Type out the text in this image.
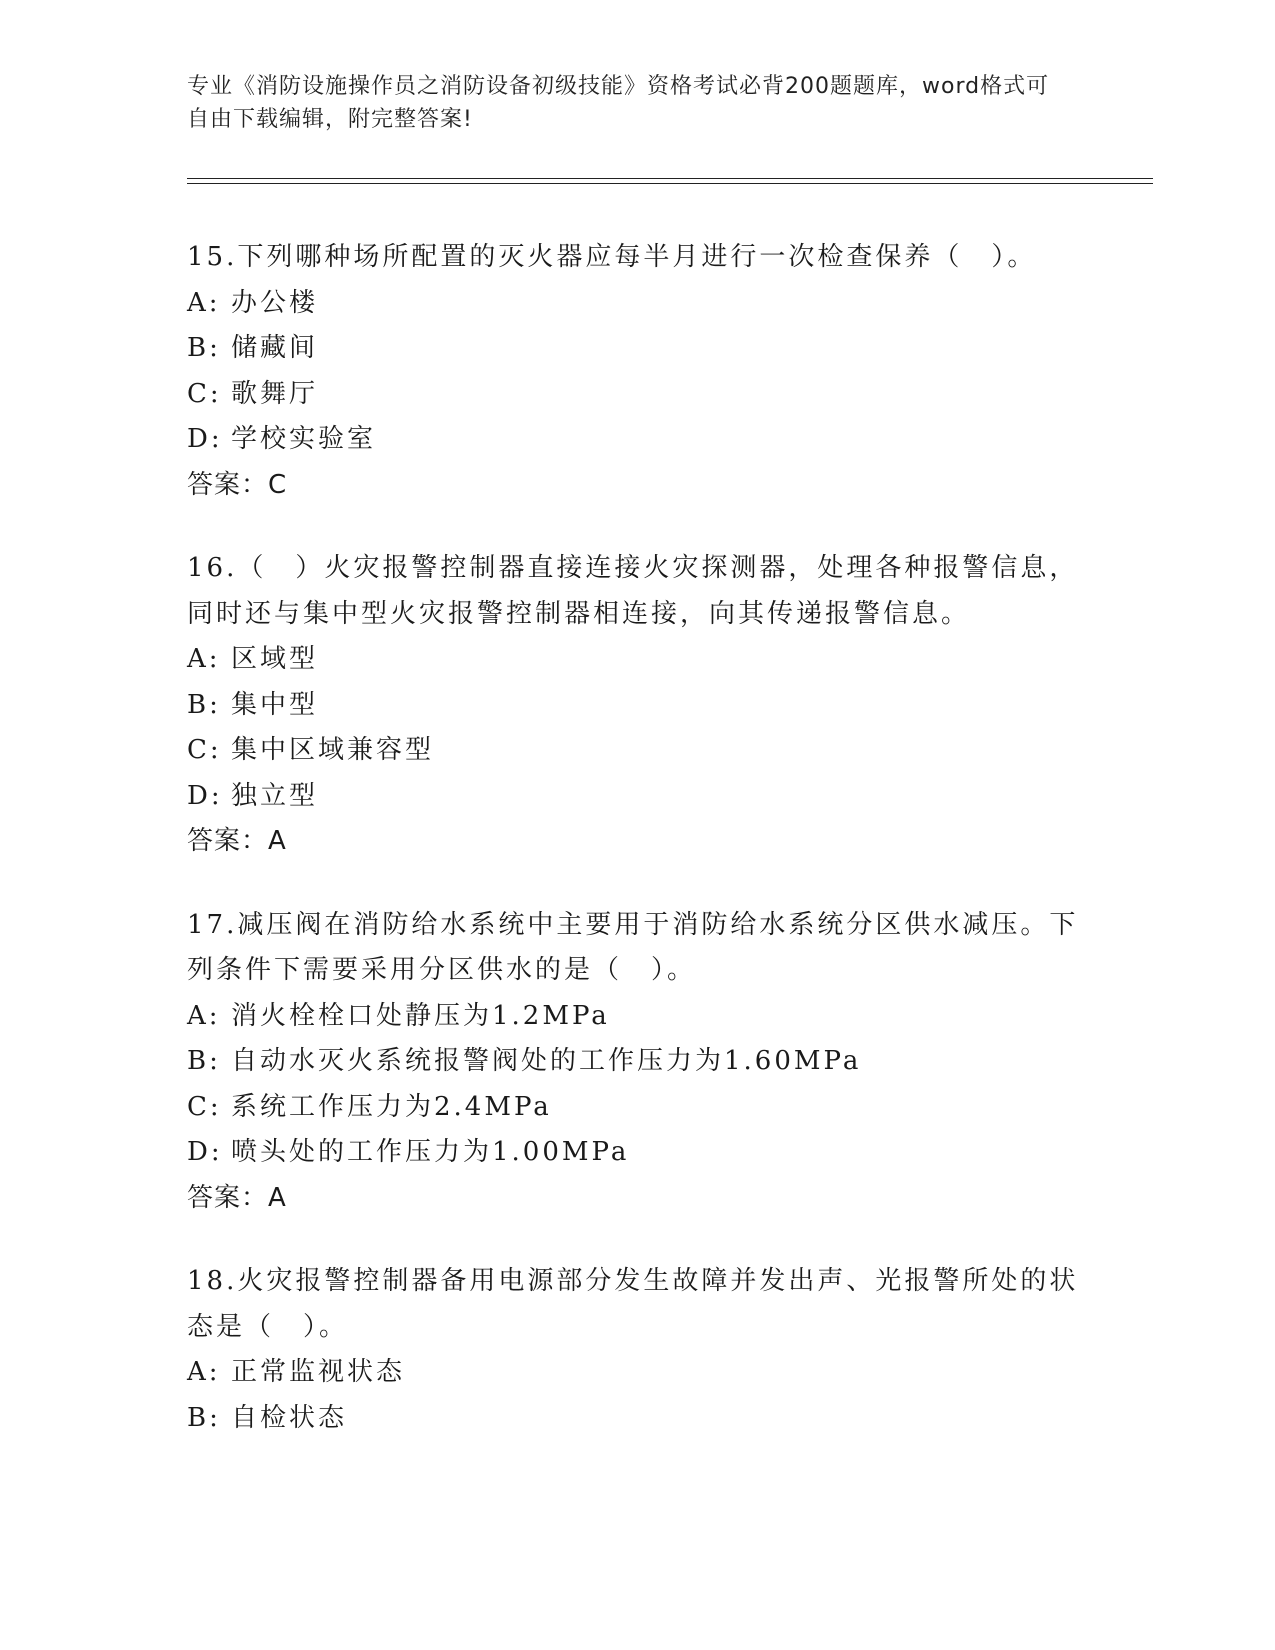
专业《消防设施操作员之消防设备初级技能》资格考试必背200题题库，word格式可自由下载编辑，附完整答案!

15.下列哪种场所配置的灭火器应每半月进行一次检查保养（　）。

A: 办公楼

B: 储藏间

C: 歌舞厅

D: 学校实验室

答案：C

16.（　）火灾报警控制器直接连接火灾探测器，处理各种报警信息，同时还与集中型火灾报警控制器相连接，向其传递报警信息。

A: 区域型

B: 集中型

C: 集中区域兼容型

D: 独立型

答案：A

17.减压阀在消防给水系统中主要用于消防给水系统分区供水减压。下列条件下需要采用分区供水的是（　）。

A: 消火栓栓口处静压为1.2MPa

B: 自动水灭火系统报警阀处的工作压力为1.60MPa

C: 系统工作压力为2.4MPa

D: 喷头处的工作压力为1.00MPa

答案：A

18.火灾报警控制器备用电源部分发生故障并发出声、光报警所处的状态是（　）。

A: 正常监视状态

B: 自检状态
